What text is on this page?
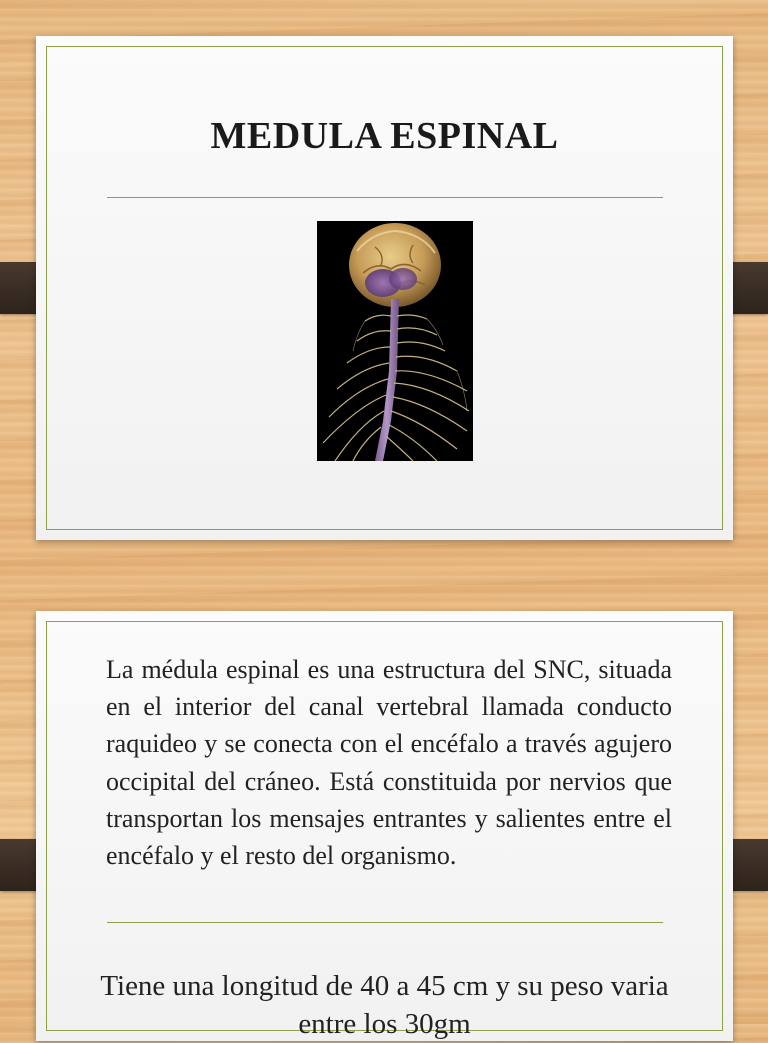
MEDULA ESPINAL
La médula espinal es una estructura del SNC, situada en el interior del canal vertebral llamada conducto raquideo y se conecta con el encéfalo a través agujero occipital del cráneo. Está constituida por nervios que transportan los mensajes entrantes y salientes entre el encéfalo y el resto del organismo.
Tiene una longitud de 40 a 45 cm y su peso varia entre los 30gm
